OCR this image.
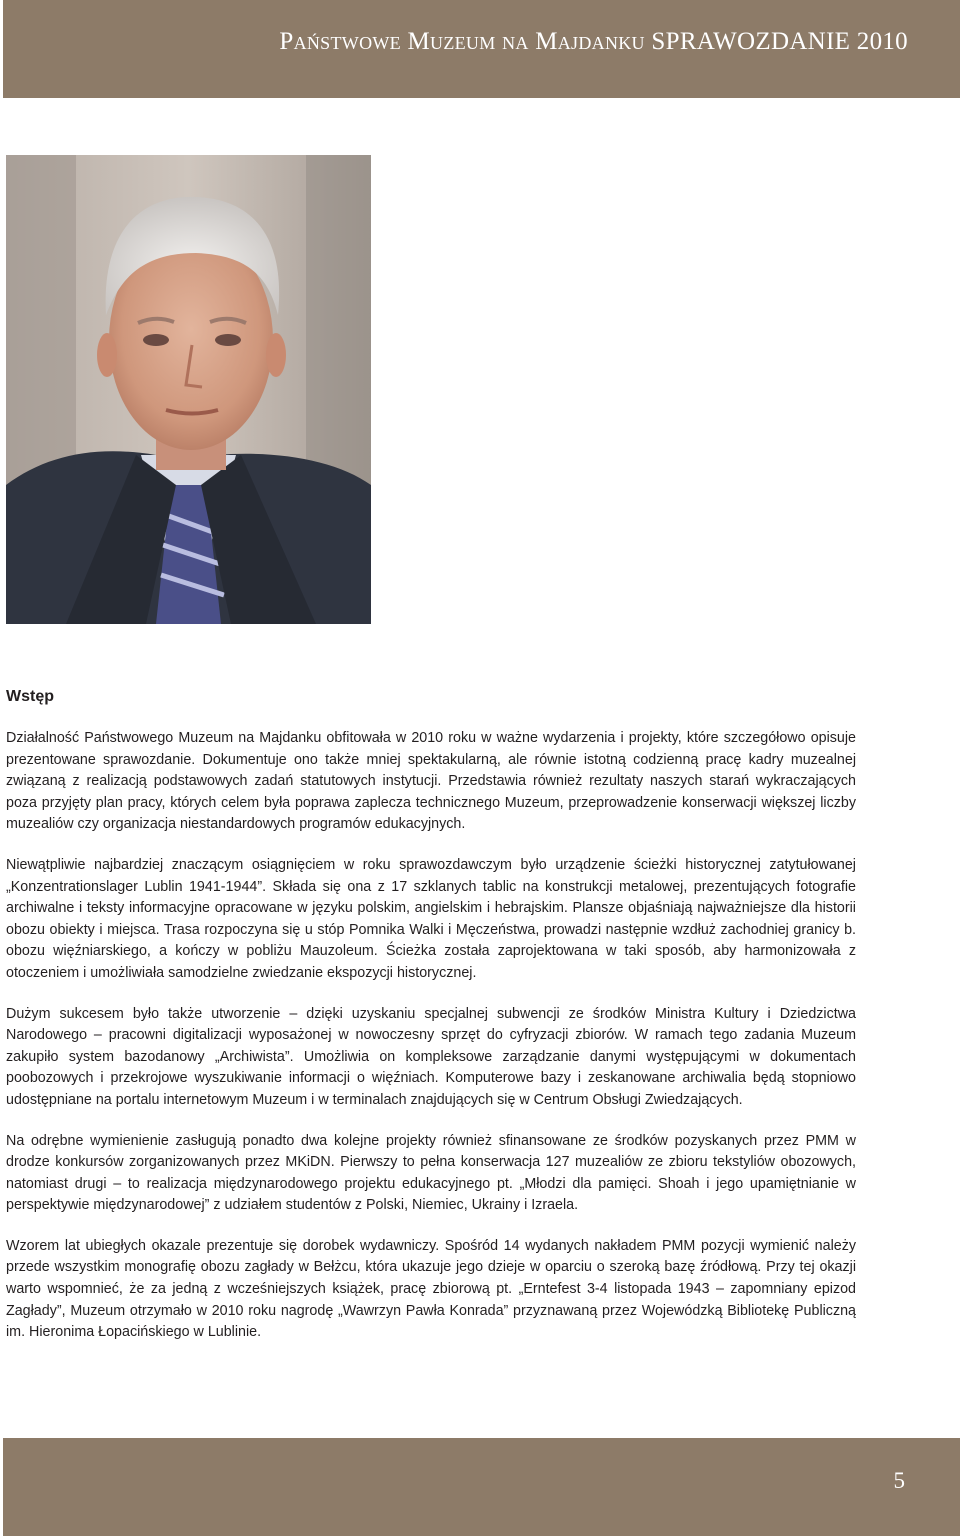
Państwowe Muzeum na Majdanku SPRAWOZDANIE 2010
Wstęp

Działalność Państwowego Muzeum na Majdanku obfitowała w 2010 roku w ważne wydarzenia i projekty, które szczegółowo opisuje prezentowane sprawozdanie. Dokumentuje ono także mniej spektakularną, ale równie istotną codzienną pracę kadry muzealnej związaną z realizacją podstawowych zadań statutowych instytucji. Przedstawia również rezultaty naszych starań wykraczających poza przyjęty plan pracy, których celem była poprawa zaplecza technicznego Muzeum, przeprowadzenie konserwacji większej liczby muzealiów czy organizacja niestandardowych programów edukacyjnych.

Niewątpliwie najbardziej znaczącym osiągnięciem w roku sprawozdawczym było urządzenie ścieżki historycznej zatytułowanej „Konzentrationslager Lublin 1941-1944”. Składa się ona z 17 szklanych tablic na konstrukcji metalowej, prezentujących fotografie archiwalne i teksty informacyjne opracowane w języku polskim, angielskim i hebrajskim. Plansze objaśniają najważniejsze dla historii obozu obiekty i miejsca. Trasa rozpoczyna się u stóp Pomnika Walki i Męczeństwa, prowadzi następnie wzdłuż zachodniej granicy b. obozu więźniarskiego, a kończy w pobliżu Mauzoleum. Ścieżka została zaprojektowana w taki sposób, aby harmonizowała z otoczeniem i umożliwiała samodzielne zwiedzanie ekspozycji historycznej.

Dużym sukcesem było także utworzenie – dzięki uzyskaniu specjalnej subwencji ze środków Ministra Kultury i Dziedzictwa Narodowego – pracowni digitalizacji wyposażonej w nowoczesny sprzęt do cyfryzacji zbiorów. W ramach tego zadania Muzeum zakupiło system bazodanowy „Archiwista”. Umożliwia on kompleksowe zarządzanie danymi występującymi w dokumentach poobozowych i przekrojowe wyszukiwanie informacji o więźniach. Komputerowe bazy i zeskanowane archiwalia będą stopniowo udostępniane na portalu internetowym Muzeum i w terminalach znajdujących się w Centrum Obsługi Zwiedzających.

Na odrębne wymienienie zasługują ponadto dwa kolejne projekty również sfinansowane ze środków pozyskanych przez PMM w drodze konkursów zorganizowanych przez MKiDN. Pierwszy to pełna konserwacja 127 muzealiów ze zbioru tekstyliów obozowych, natomiast drugi – to realizacja międzynarodowego projektu edukacyjnego pt. „Młodzi dla pamięci. Shoah i jego upamiętnianie w perspektywie międzynarodowej” z udziałem studentów z Polski, Niemiec, Ukrainy i Izraela.

Wzorem lat ubiegłych okazale prezentuje się dorobek wydawniczy. Spośród 14 wydanych nakładem PMM pozycji wymienić należy przede wszystkim monografię obozu zagłady w Bełżcu, która ukazuje jego dzieje w oparciu o szeroką bazę źródłową. Przy tej okazji warto wspomnieć, że za jedną z wcześniejszych książek, pracę zbiorową pt. „Erntefest 3-4 listopada 1943 – zapomniany epizod Zagłady”, Muzeum otrzymało w 2010 roku nagrodę „Wawrzyn Pawła Konrada” przyznawaną przez Wojewódzką Bibliotekę Publiczną im. Hieronima Łopacińskiego w Lublinie.

5
